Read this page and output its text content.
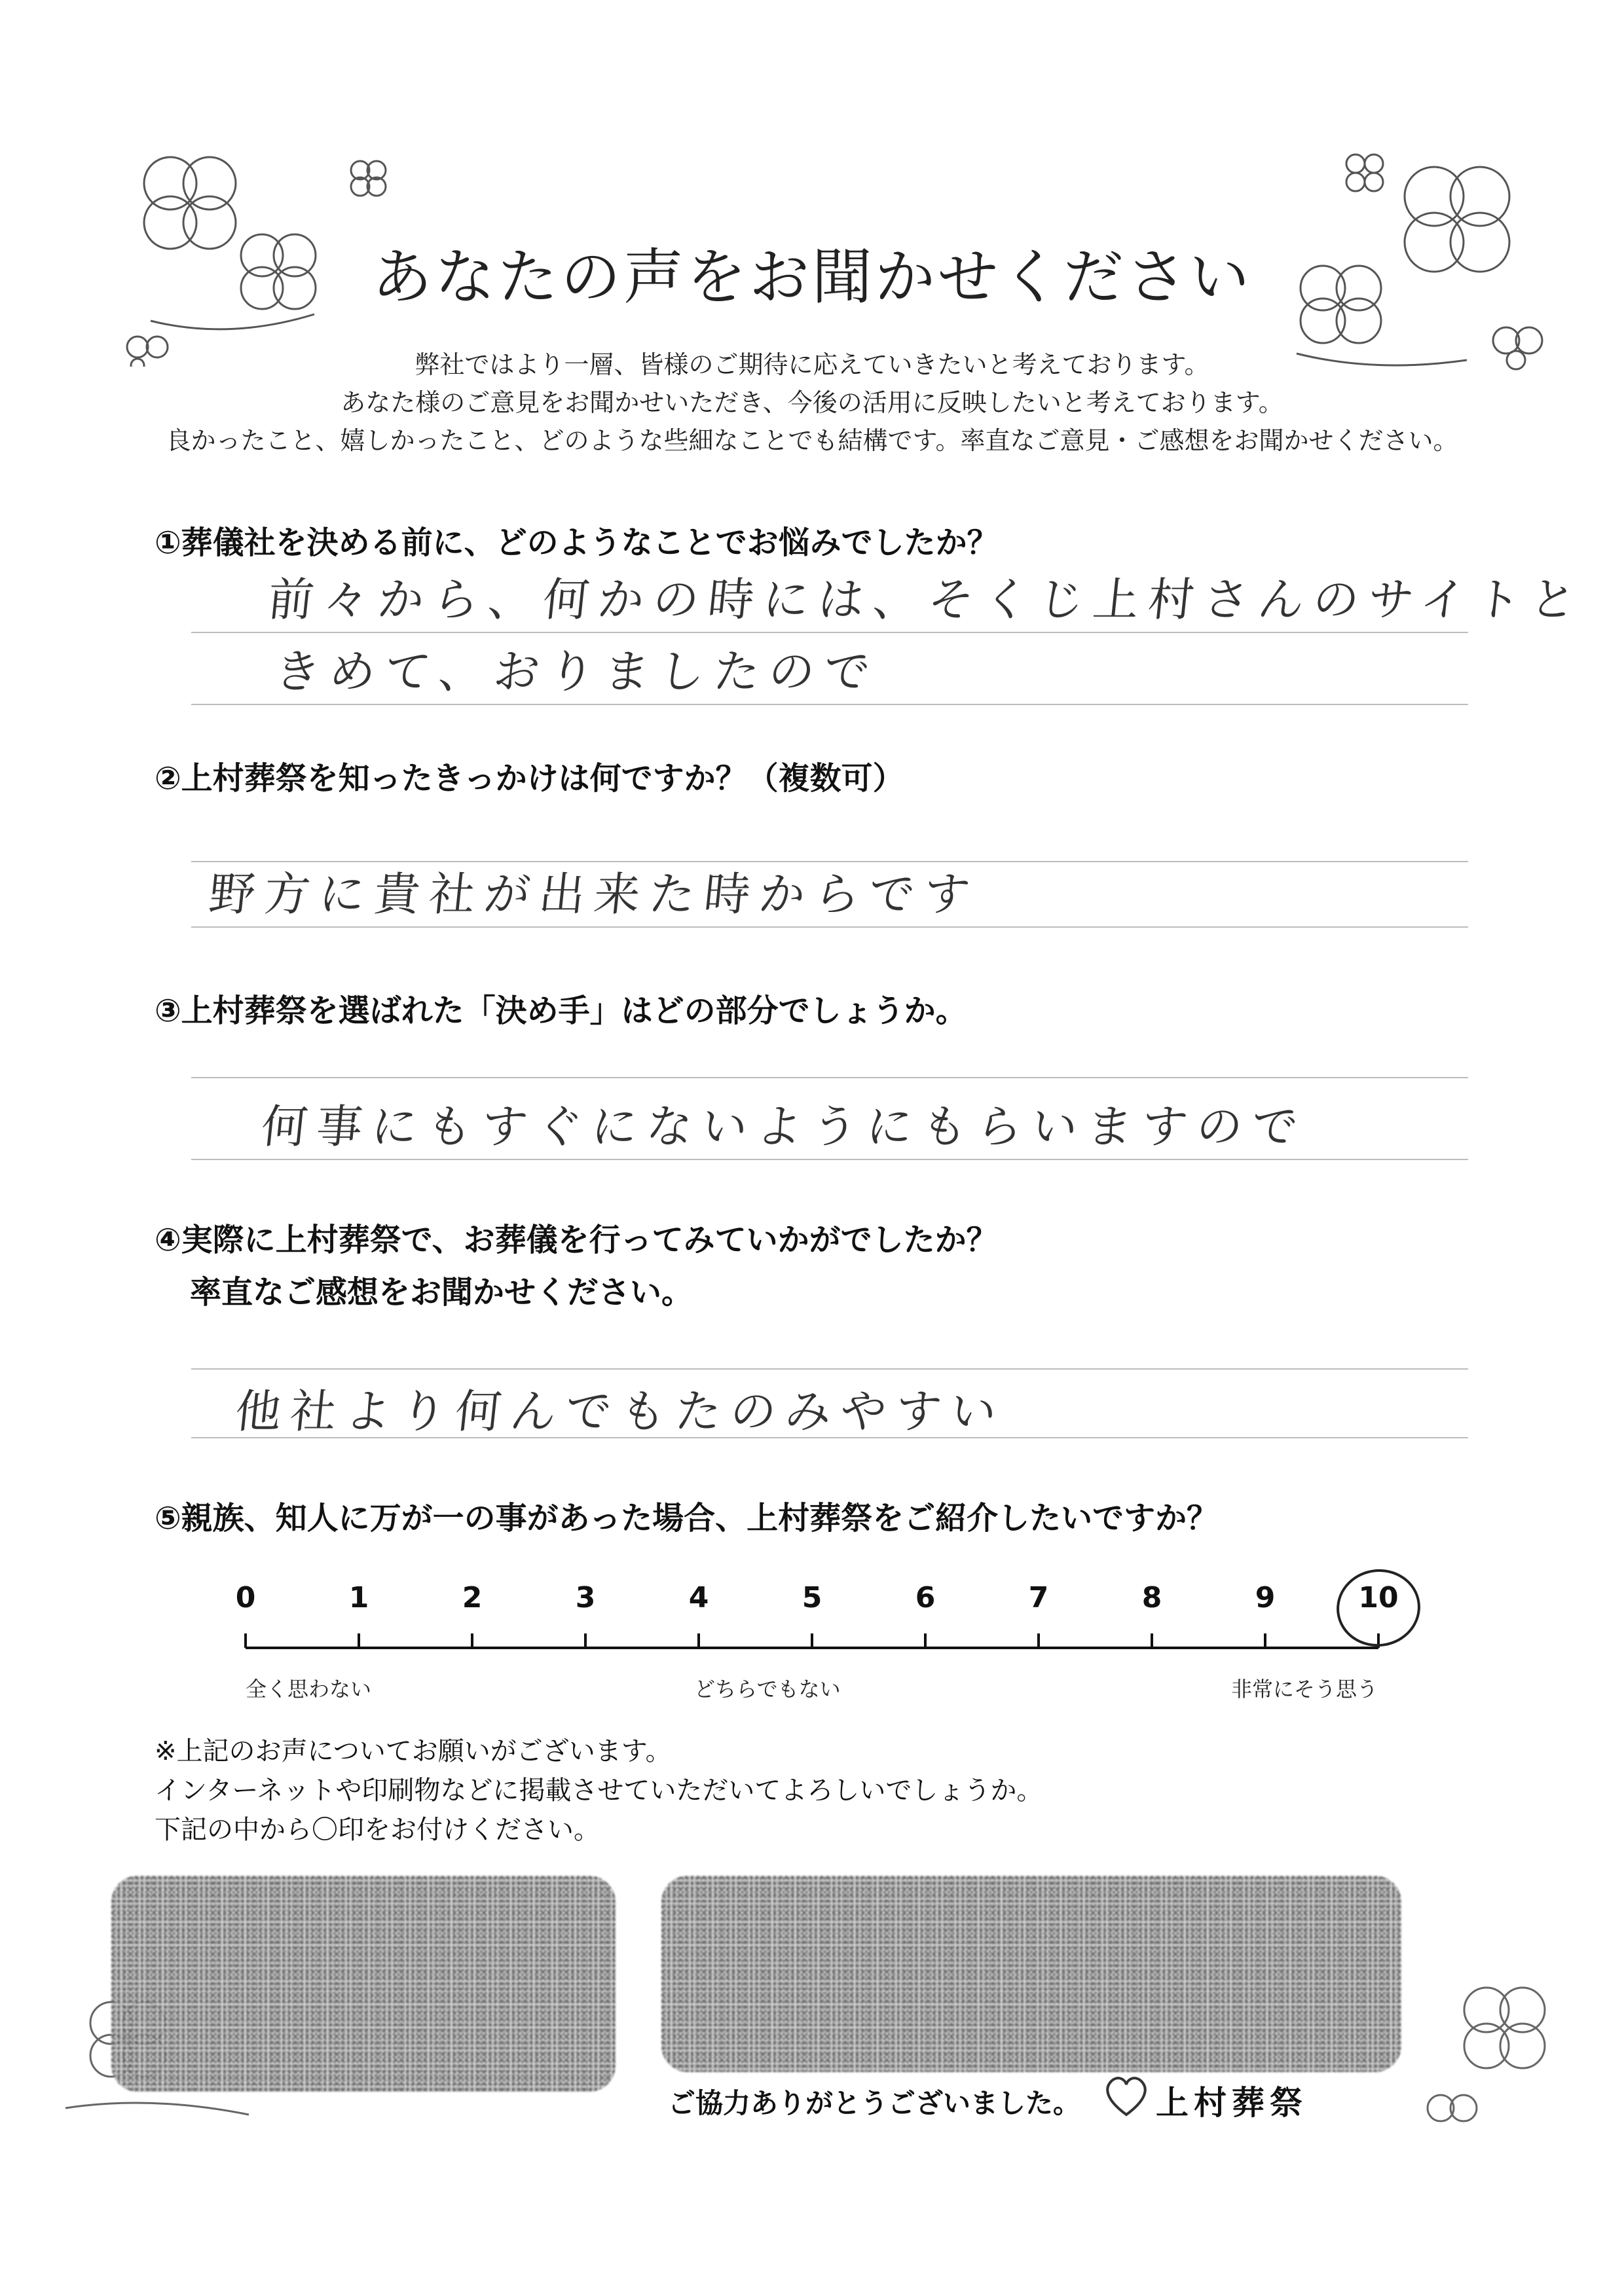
あなたの声をお聞かせください
弊社ではより一層、皆様のご期待に応えていきたいと考えております。
あなた様のご意見をお聞かせいただき、今後の活用に反映したいと考えております。
良かったこと、嬉しかったこと、どのような些細なことでも結構です。率直なご意見・ご感想をお聞かせください。
①葬儀社を決める前に、どのようなことでお悩みでしたか？
前々から、何かの時には、そくじ上村さんのサイトと
きめて、おりましたので
②上村葬祭を知ったきっかけは何ですか？（複数可）
野方に貴社が出来た時からです
③上村葬祭を選ばれた「決め手」はどの部分でしょうか。
何事にもすぐにないようにもらいますので
④実際に上村葬祭で、お葬儀を行ってみていかがでしたか？
率直なご感想をお聞かせください。
他社より何んでもたのみやすい
⑤親族、知人に万が一の事があった場合、上村葬祭をご紹介したいですか？
0	1	2	3	4	5	6	7	8	9	10
全く思わない	どちらでもない	非常にそう思う
※上記のお声についてお願いがございます。
インターネットや印刷物などに掲載させていただいてよろしいでしょうか。
下記の中から〇印をお付けください。
ご協力ありがとうございました。 上村葬祭
